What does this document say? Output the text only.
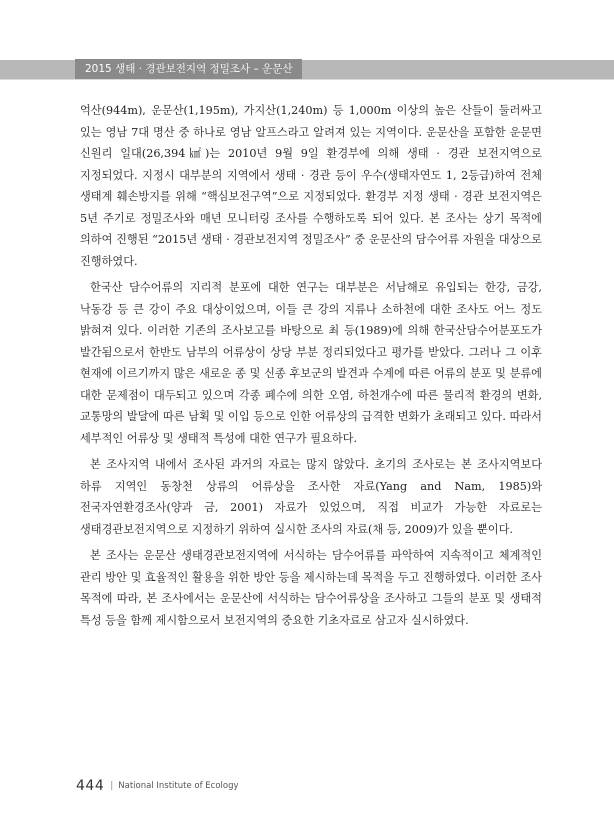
2015 생태 · 경관보전지역 정밀조사 – 운문산

억산(944m), 운문산(1,195m), 가지산(1,240m) 등 1,000m 이상의 높은 산들이 둘러싸고 있는 영남 7대 명산 중 하나로 영남 알프스라고 알려져 있는 지역이다. 운문산을 포함한 운문면 신원리 일대(26,394㎢)는 2010년 9월 9일 환경부에 의해 생태 · 경관 보전지역으로 지정되었다. 지정시 대부분의 지역에서 생태 · 경관 등이 우수(생태자연도 1, 2등급)하여 전체 생태계 훼손방지를 위해 “핵심보전구역”으로 지정되었다. 환경부 지정 생태 · 경관 보전지역은 5년 주기로 정밀조사와 매년 모니터링 조사를 수행하도록 되어 있다. 본 조사는 상기 목적에 의하여 진행된 “2015년 생태 · 경관보전지역 정밀조사” 중 운문산의 담수어류 자원을 대상으로 진행하였다.

한국산 담수어류의 지리적 분포에 대한 연구는 대부분은 서남해로 유입되는 한강, 금강, 낙동강 등 큰 강이 주요 대상이었으며, 이들 큰 강의 지류나 소하천에 대한 조사도 어느 정도 밝혀져 있다. 이러한 기존의 조사보고를 바탕으로 최 등(1989)에 의해 한국산담수어분포도가 발간됨으로서 한반도 남부의 어류상이 상당 부분 정리되었다고 평가를 받았다. 그러나 그 이후 현재에 이르기까지 많은 새로운 종 및 신종 후보군의 발견과 수계에 따른 어류의 분포 및 분류에 대한 문제점이 대두되고 있으며 각종 폐수에 의한 오염, 하천개수에 따른 물리적 환경의 변화, 교통망의 발달에 따른 남획 및 이입 등으로 인한 어류상의 급격한 변화가 초래되고 있다. 따라서 세부적인 어류상 및 생태적 특성에 대한 연구가 필요하다.

본 조사지역 내에서 조사된 과거의 자료는 많지 않았다. 초기의 조사로는 본 조사지역보다 하류 지역인 동창천 상류의 어류상을 조사한 자료(Yang and Nam, 1985)와 전국자연환경조사(양과 금, 2001) 자료가 있었으며, 직접 비교가 가능한 자료로는 생태경관보전지역으로 지정하기 위하여 실시한 조사의 자료(채 등, 2009)가 있을 뿐이다.

본 조사는 운문산 생태경관보전지역에 서식하는 담수어류를 파악하여 지속적이고 체계적인 관리 방안 및 효율적인 활용을 위한 방안 등을 제시하는데 목적을 두고 진행하였다. 이러한 조사 목적에 따라, 본 조사에서는 운문산에 서식하는 담수어류상을 조사하고 그들의 분포 및 생태적 특성 등을 함께 제시함으로서 보전지역의 중요한 기초자료로 삼고자 실시하였다.

444 | National Institute of Ecology
